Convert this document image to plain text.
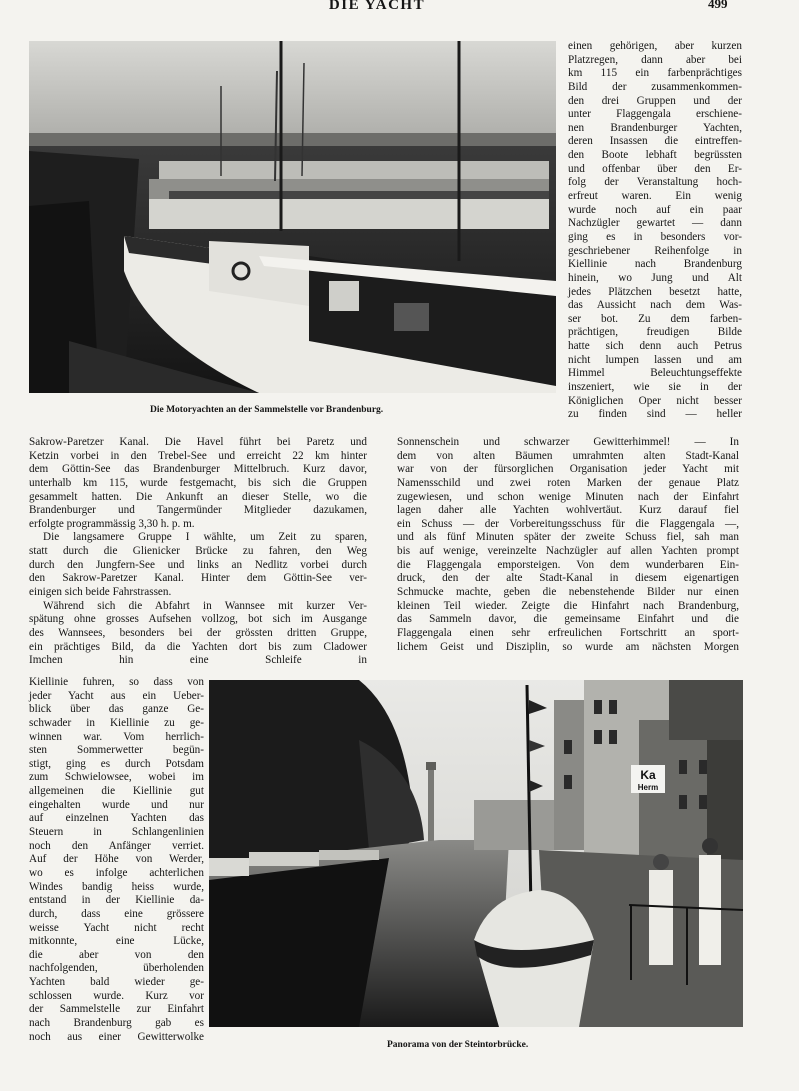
DIE YACHT	499
Die Motoryachten an der Sammelstelle vor Brandenburg.
einen gehörigen, aber kurzen
Platzregen, dann aber bei
km 115 ein farbenprächtiges
Bild der zusammenkommen-
den drei Gruppen und der
unter Flaggengala erschiene-
nen Brandenburger Yachten,
deren Insassen die eintreffen-
den Boote lebhaft begrüssten
und offenbar über den Er-
folg der Veranstaltung hoch-
erfreut waren. Ein wenig
wurde noch auf ein paar
Nachzügler gewartet — dann
ging es in besonders vor-
geschriebener Reihenfolge in
Kiellinie nach Brandenburg
hinein, wo Jung und Alt
jedes Plätzchen besetzt hatte,
das Aussicht nach dem Was-
ser bot. Zu dem farben-
prächtigen, freudigen Bilde
hatte sich denn auch Petrus
nicht lumpen lassen und am
Himmel Beleuchtungseffekte
inszeniert, wie sie in der
Königlichen Oper nicht besser
zu finden sind — heller
Sakrow-Paretzer Kanal. Die Havel führt bei Paretz und
Ketzin vorbei in den Trebel-See und erreicht 22 km hinter
dem Göttin-See das Brandenburger Mittelbruch. Kurz davor,
unterhalb km 115, wurde festgemacht, bis sich die Gruppen
gesammelt hatten. Die Ankunft an dieser Stelle, wo die
Brandenburger und Tangermünder Mitglieder dazukamen,
erfolgte programmässig 3,30 h. p. m.
Die langsamere Gruppe I wählte, um Zeit zu sparen,
statt durch die Glienicker Brücke zu fahren, den Weg
durch den Jungfern-See und links an Nedlitz vorbei durch
den Sakrow-Paretzer Kanal. Hinter dem Göttin-See ver-
einigen sich beide Fahrstrassen.
Während sich die Abfahrt in Wannsee mit kurzer Ver-
spätung ohne grosses Aufsehen vollzog, bot sich im Ausgange
des Wannsees, besonders bei der grössten dritten Gruppe,
ein prächtiges Bild, da die Yachten dort bis zum Cladower
Imchen hin eine Schleife in
Sonnenschein und schwarzer Gewitterhimmel! — In
dem von alten Bäumen umrahmten alten Stadt-Kanal
war von der fürsorglichen Organisation jeder Yacht mit
Namensschild und zwei roten Marken der genaue Platz
zugewiesen, und schon wenige Minuten nach der Einfahrt
lagen daher alle Yachten wohlvertäut. Kurz darauf fiel
ein Schuss — der Vorbereitungsschuss für die Flaggengala —,
und als fünf Minuten später der zweite Schuss fiel, sah man
bis auf wenige, vereinzelte Nachzügler auf allen Yachten prompt
die Flaggengala emporsteigen. Von dem wunderbaren Ein-
druck, den der alte Stadt-Kanal in diesem eigenartigen
Schmucke machte, geben die nebenstehende Bilder nur einen
kleinen Teil wieder. Zeigte die Hinfahrt nach Brandenburg,
das Sammeln davor, die gemeinsame Einfahrt und die
Flaggengala einen sehr erfreulichen Fortschritt an sport-
lichem Geist und Disziplin, so wurde am nächsten Morgen
Kiellinie fuhren, so dass von
jeder Yacht aus ein Ueber-
blick über das ganze Ge-
schwader in Kiellinie zu ge-
winnen war. Vom herrlich-
sten Sommerwetter begün-
stigt, ging es durch Potsdam
zum Schwielowsee, wobei im
allgemeinen die Kiellinie gut
eingehalten wurde und nur
auf einzelnen Yachten das
Steuern in Schlangenlinien
noch den Anfänger verriet.
Auf der Höhe von Werder,
wo es infolge achterlichen
Windes bandig heiss wurde,
entstand in der Kiellinie da-
durch, dass eine grössere
weisse Yacht nicht recht
mitkonnte, eine Lücke,
die aber von den
nachfolgenden, überholenden
Yachten bald wieder ge-
schlossen wurde. Kurz vor
der Sammelstelle zur Einfahrt
nach Brandenburg gab es
noch aus einer Gewitterwolke
Ka
Herm
Panorama von der Steintorbrücke.
